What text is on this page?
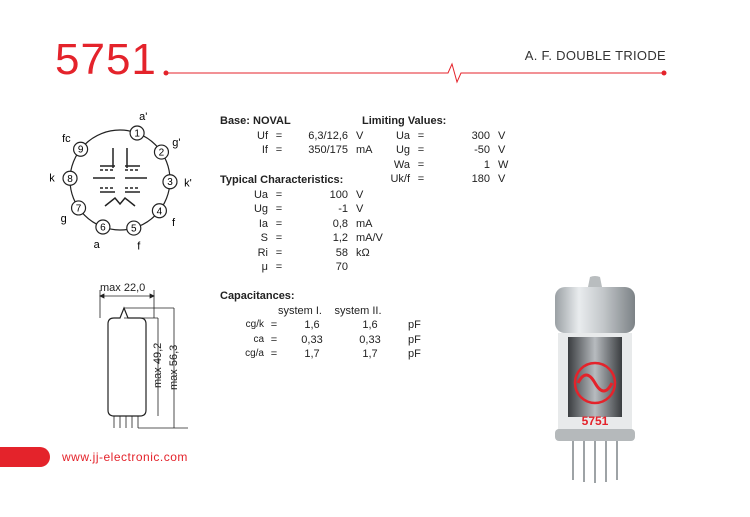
5751	A. F. DOUBLE TRIODE
1
a'
2
g'
3 k'
4
f
5
f
6
a
7
g
8
k
9
fc
max 22,0
max 49,2 max 56,3
Base: NOVAL
Uf =	6,3/12,6 V
If =	350/175 mA
Limiting Values:
Ua =	300 V
Ug =	-50 V
Wa =	1 W
Uk/f =	180 V
Typical Characteristics:
Ua =	100 V
Ug =	-1 V
Ia =	0,8 mA
S =	1,2 mA/V
Ri =	58 kΩ
μ =	70
Capacitances:
system I.	system II.
cg/k =	1,6	1,6	pF
ca =	0,33	0,33	pF
cg/a =	1,7	1,7	pF
5751
www.jj-electronic.com
